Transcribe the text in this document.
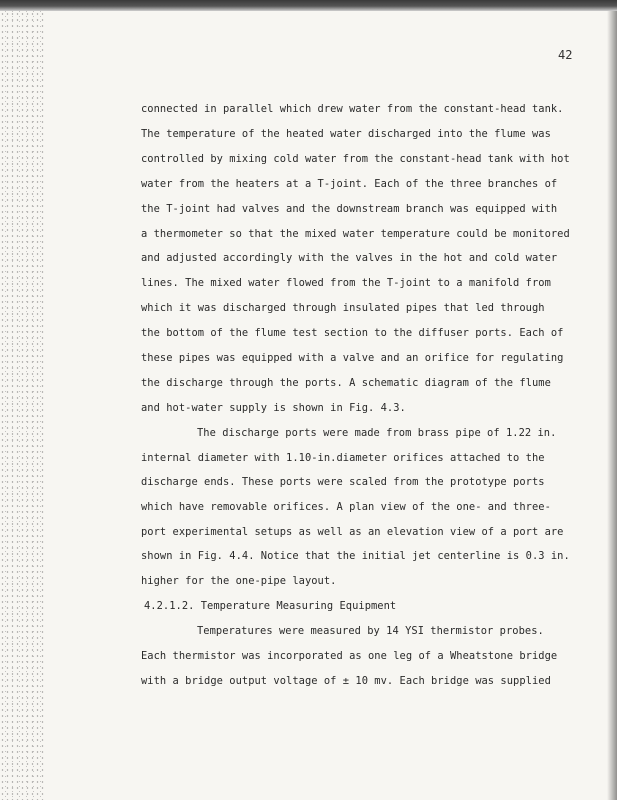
42
connected in parallel which drew water from the constant-head tank.
The temperature of the heated water discharged into the flume was
controlled by mixing cold water from the constant-head tank with hot
water from the heaters at a T-joint. Each of the three branches of
the T-joint had valves and the downstream branch was equipped with
a thermometer so that the mixed water temperature could be monitored
and adjusted accordingly with the valves in the hot and cold water
lines. The mixed water flowed from the T-joint to a manifold from
which it was discharged through insulated pipes that led through
the bottom of the flume test section to the diffuser ports. Each of
these pipes was equipped with a valve and an orifice for regulating
the discharge through the ports. A schematic diagram of the flume
and hot-water supply is shown in Fig. 4.3.
The discharge ports were made from brass pipe of 1.22 in.
internal diameter with 1.10-in.diameter orifices attached to the
discharge ends. These ports were scaled from the prototype ports
which have removable orifices. A plan view of the one- and three-
port experimental setups as well as an elevation view of a port are
shown in Fig. 4.4. Notice that the initial jet centerline is 0.3 in.
higher for the one-pipe layout.
4.2.1.2. Temperature Measuring Equipment
Temperatures were measured by 14 YSI thermistor probes.
Each thermistor was incorporated as one leg of a Wheatstone bridge
with a bridge output voltage of ± 10 mv. Each bridge was supplied
